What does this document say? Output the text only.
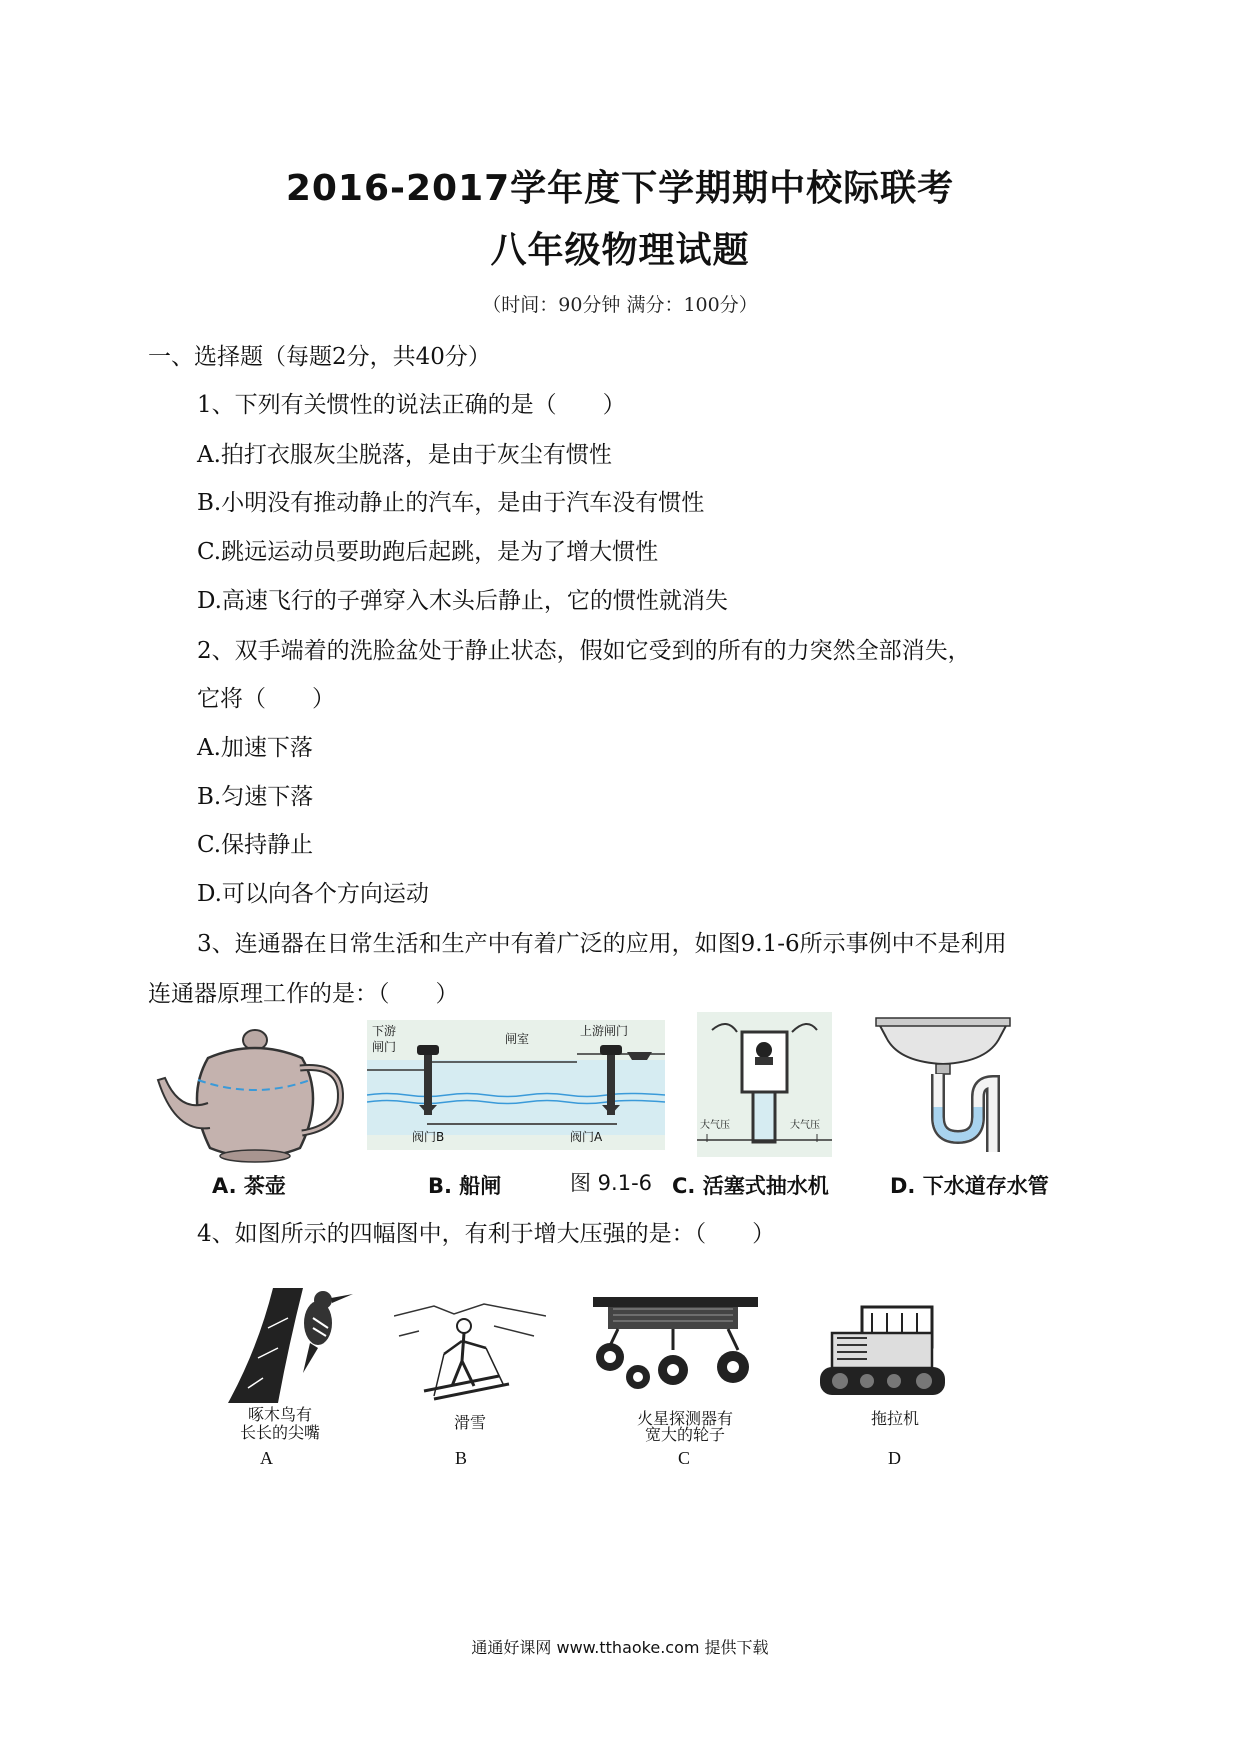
2016-2017学年度下学期期中校际联考
八年级物理试题
（时间：90分钟 满分：100分）
一、选择题（每题2分，共40分）
1、下列有关惯性的说法正确的是（　　）
A.拍打衣服灰尘脱落，是由于灰尘有惯性
B.小明没有推动静止的汽车，是由于汽车没有惯性
C.跳远运动员要助跑后起跳，是为了增大惯性
D.高速飞行的子弹穿入木头后静止，它的惯性就消失
2、双手端着的洗脸盆处于静止状态，假如它受到的所有的力突然全部消失，
它将（　　）
A.加速下落
B.匀速下落
C.保持静止
D.可以向各个方向运动
3、连通器在日常生活和生产中有着广泛的应用，如图9.1-6所示事例中不是利用
连通器原理工作的是：（　　）
A. 茶壶
下游
闸门
闸室
上游闸门
阀门B	阀门A
B. 船闸	图 9.1-6
大气压	大气压
C. 活塞式抽水机	D. 下水道存水管
4、如图所示的四幅图中，有利于增大压强的是：（　　）
啄木鸟有
长长的尖嘴
A
滑雪
B
火星探测器有
宽大的轮子
C
拖拉机
D
通通好课网 www.tthaoke.com 提供下载
